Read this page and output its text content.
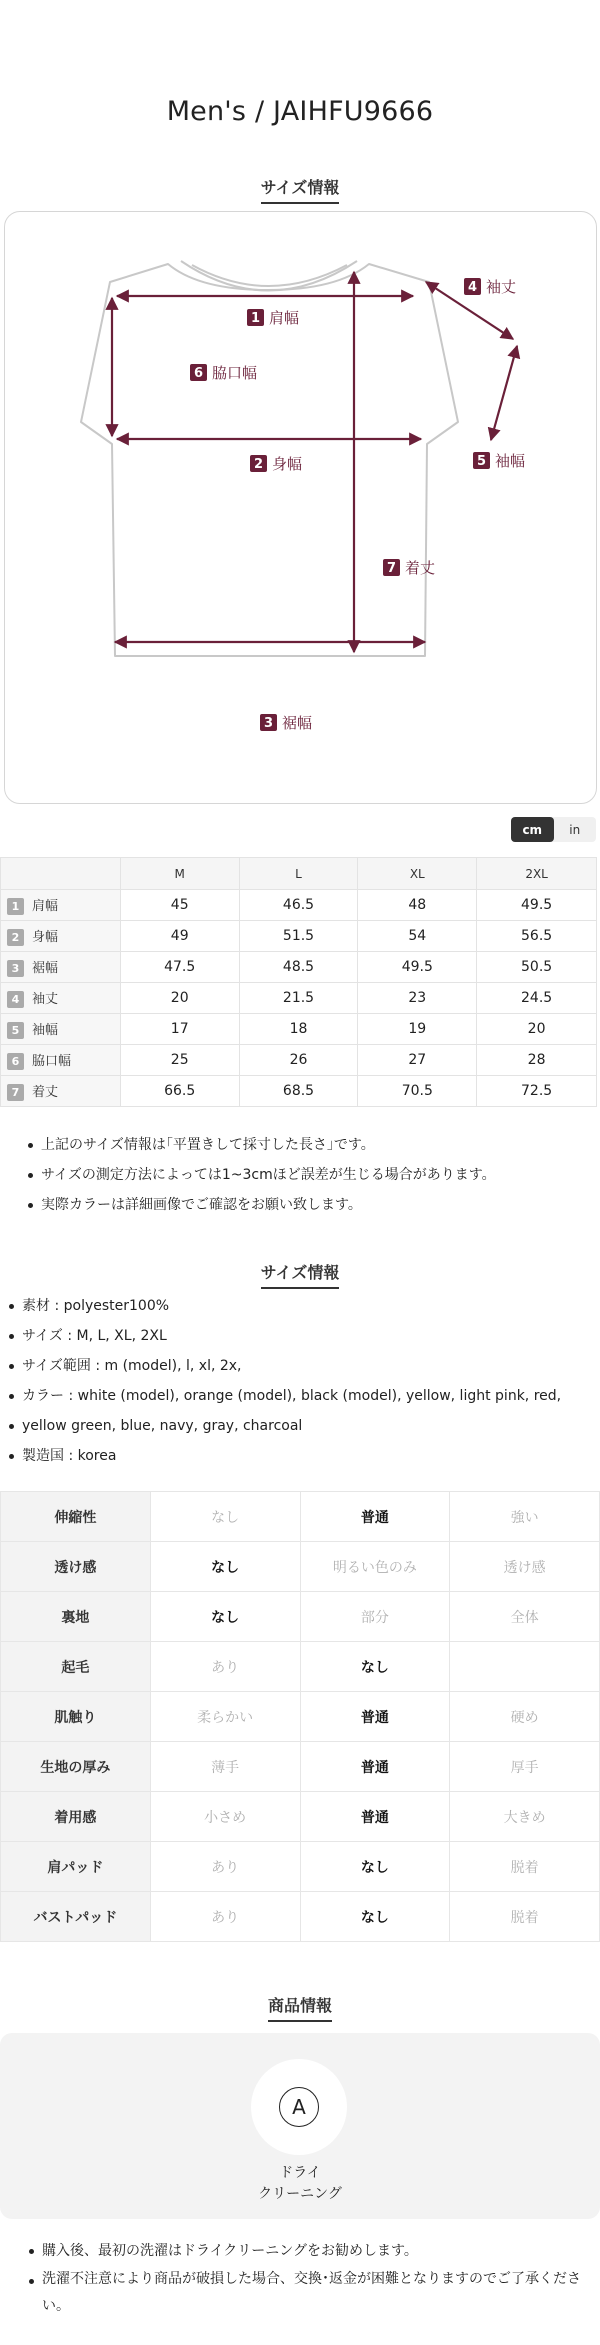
Men's / JAIHFU9666
サイズ情報
1 肩幅
2 身幅
3 裾幅
4 袖丈
5 袖幅
6 脇口幅
7 着丈
cm	in
	M	L	XL	2XL
1 肩幅	45	46.5	48	49.5
2 身幅	49	51.5	54	56.5
3 裾幅	47.5	48.5	49.5	50.5
4 袖丈	20	21.5	23	24.5
5 袖幅	17	18	19	20
6 脇口幅	25	26	27	28
7 着丈	66.5	68.5	70.5	72.5
上記のサイズ情報は｢平置きして採寸した長さ｣です。
サイズの測定方法によっては1~3cmほど誤差が生じる場合があります。
実際カラーは詳細画像でご確認をお願い致します。
サイズ情報
素材 : polyester100%
サイズ : M, L, XL, 2XL
サイズ範囲 : m (model), l, xl, 2x,
カラー : white (model), orange (model), black (model), yellow, light pink, red,
yellow green, blue, navy, gray, charcoal
製造国 : korea
伸縮性	なし	普通	強い
透け感	なし	明るい色のみ	透け感
裏地	なし	部分	全体
起毛	あり	なし	
肌触り	柔らかい	普通	硬め
生地の厚み	薄手	普通	厚手
着用感	小さめ	普通	大きめ
肩パッド	あり	なし	脱着
バストパッド	あり	なし	脱着
商品情報
A
ドライ
クリーニング
購入後、最初の洗濯はドライクリーニングをお勧めします。
洗濯不注意により商品が破損した場合、交換･返金が困難となりますのでご了承ください。
